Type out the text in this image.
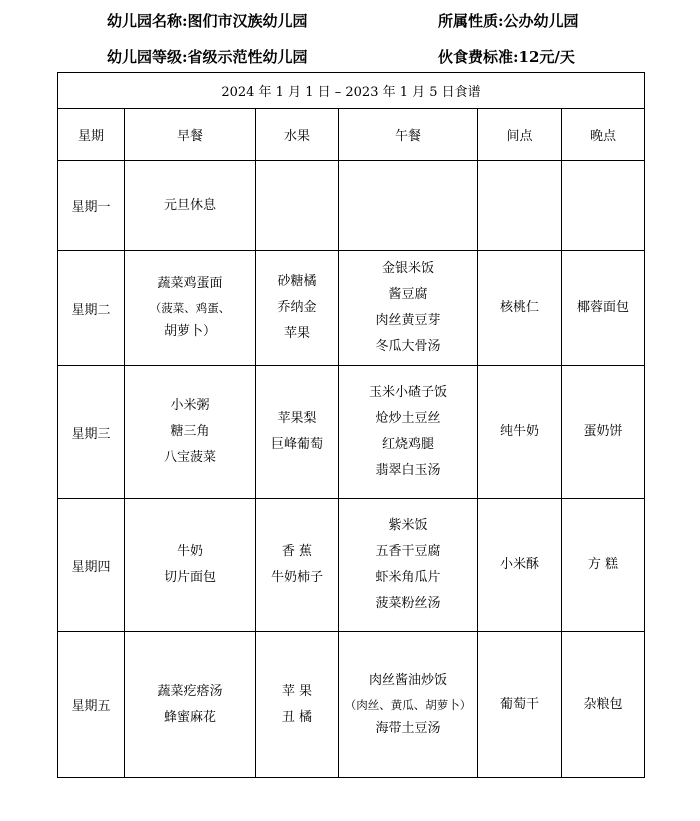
幼儿园名称:图们市汉族幼儿园	所属性质:公办幼儿园
幼儿园等级:省级示范性幼儿园	伙食费标准:12元/天
2024 年 1 月 1 日 – 2023 年 1 月 5 日食谱					
星期	早餐	水果	午餐	间点	晚点
星期一	元旦休息				

星期二	蔬菜鸡蛋面
（菠菜、鸡蛋、
胡萝卜）	砂糖橘
乔纳金
苹果	金银米饭
酱豆腐
肉丝黄豆芽
冬瓜大骨汤	核桃仁	椰蓉面包

星期三	小米粥
糖三角
八宝菠菜	苹果梨
巨峰葡萄	玉米小碴子饭
炝炒土豆丝
红烧鸡腿
翡翠白玉汤	纯牛奶	蛋奶饼

星期四	牛奶
切片面包	香 蕉
牛奶柿子	紫米饭
五香干豆腐
虾米角瓜片
菠菜粉丝汤	小米酥	方 糕

星期五	蔬菜疙瘩汤
蜂蜜麻花	苹 果
丑 橘	肉丝酱油炒饭
（肉丝、黄瓜、胡萝卜）
海带土豆汤	葡萄干	杂粮包
